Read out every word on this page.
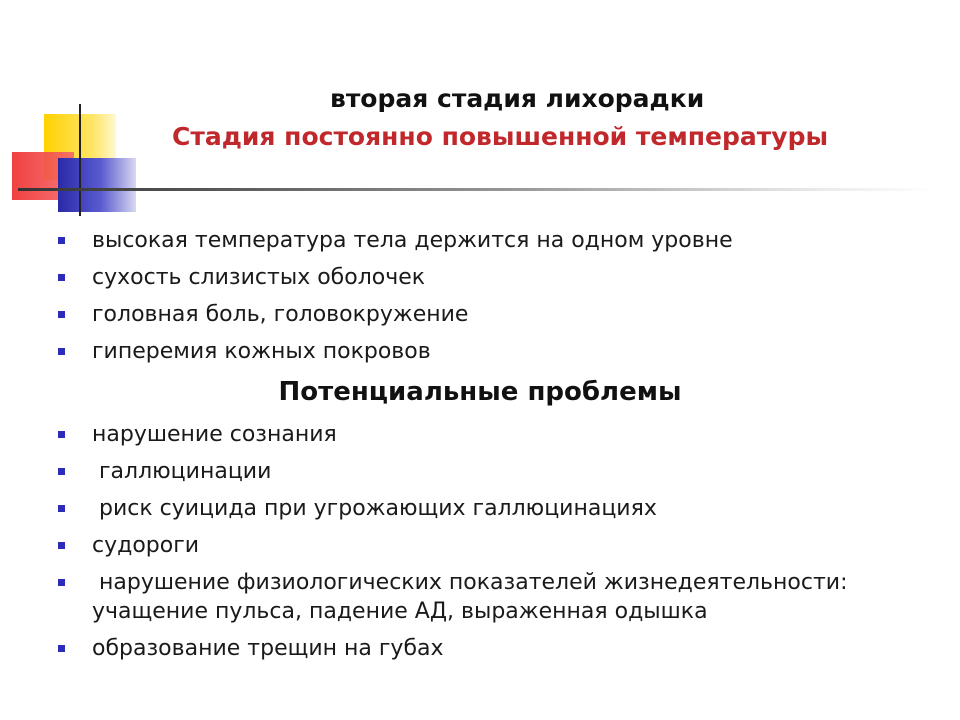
вторая стадия лихорадки
Стадия постоянно повышенной температуры
высокая температура тела держится на одном уровне
сухость слизистых оболочек
головная боль, головокружение
гиперемия кожных покровов
Потенциальные проблемы
нарушение сознания
галлюцинации
риск суицида при угрожающих галлюцинациях
судороги
нарушение физиологических показателей жизнедеятельности: учащение пульса, падение АД, выраженная одышка
образование трещин на губах
